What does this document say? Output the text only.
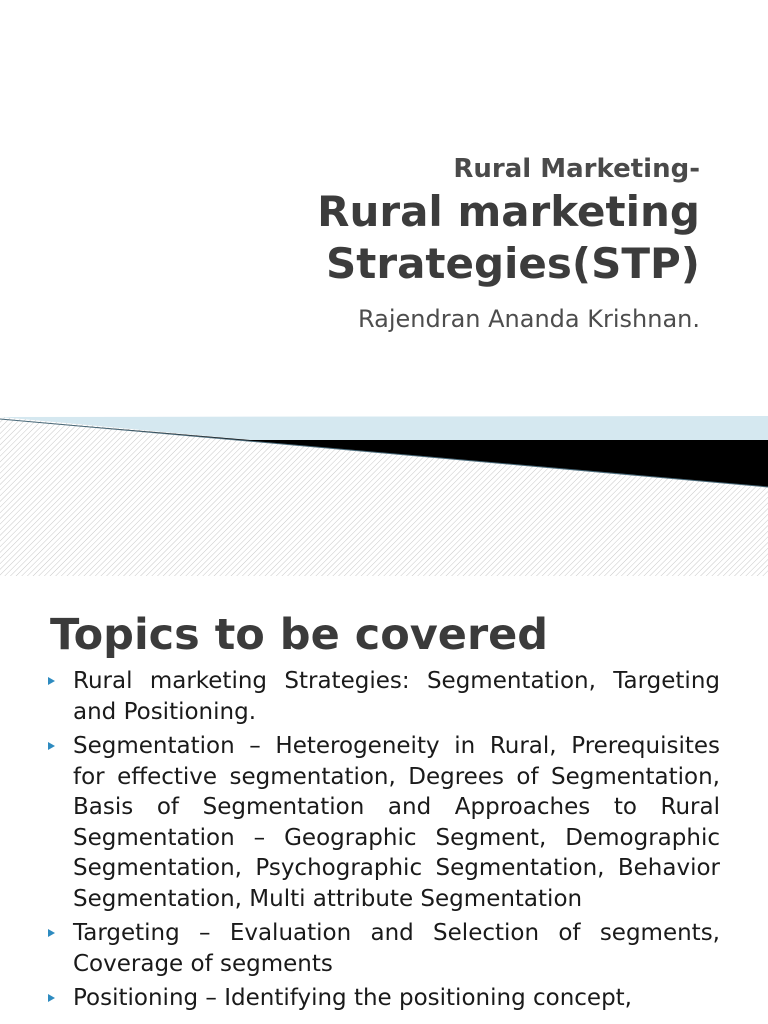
Rural Marketing-
Rural marketing
Strategies(STP)
Rajendran Ananda Krishnan.
Topics to be covered
Rural marketing Strategies: Segmentation, Targeting and Positioning.
Segmentation – Heterogeneity in Rural, Prerequisites for effective segmentation, Degrees of Segmentation, Basis of Segmentation and Approaches to Rural Segmentation – Geographic Segment, Demographic Segmentation, Psychographic Segmentation, Behavior Segmentation, Multi attribute Segmentation
Targeting – Evaluation and Selection of segments, Coverage of segments
Positioning – Identifying the positioning concept,
